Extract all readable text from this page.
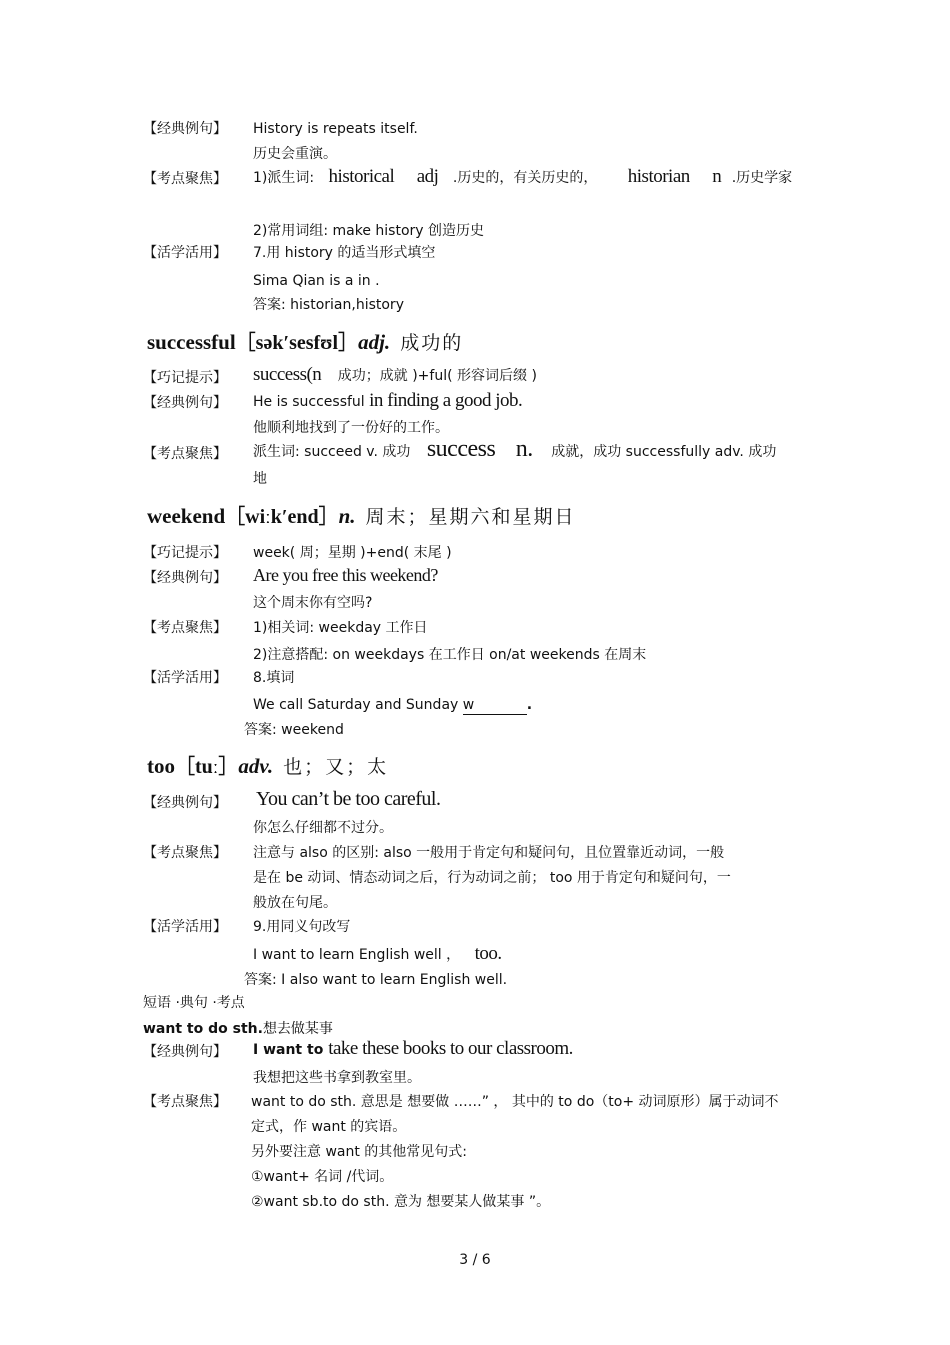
【经典例句】 History is repeats itself.
历史会重演。
【考点聚焦】 1)派生词: historical adj .历史的，有关历史的， historian n .历史学家
2)常用词组: make history 创造历史
【活学活用】 7.用 history 的适当形式填空
Sima Qian is a in .
答案: historian,history
successful［sək′sesfʊl］adj. 成功的
【巧记提示】 success(n 成功；成就 )+ful( 形容词后缀 )
【经典例句】 He is successful in finding a good job.
他顺利地找到了一份好的工作。
【考点聚焦】 派生词: succeed v. 成功 success n. 成就，成功 successfully adv. 成功
地
weekend［wiːk′end］n. 周末；星期六和星期日
【巧记提示】 week( 周；星期 )+end( 末尾 )
【经典例句】 Are you free this weekend?
这个周末你有空吗?
【考点聚焦】 1)相关词: weekday 工作日
2)注意搭配: on weekdays 在工作日 on/at weekends 在周末
【活学活用】 8.填词
We call Saturday and Sunday w	.
答案: weekend
too［tuː］adv. 也；又；太
【经典例句】 You can’t be too careful.
你怎么仔细都不过分。
【考点聚焦】 注意与 also 的区别: also 一般用于肯定句和疑问句，且位置靠近动词，一般
是在 be 动词、情态动词之后，行为动词之前； too 用于肯定句和疑问句，一
般放在句尾。
【活学活用】 9.用同义句改写
I want to learn English well ， too.
答案: I also want to learn English well.
短语 ·典句 ·考点
want to do sth.想去做某事
【经典例句】 I want to take these books to our classroom.
我想把这些书拿到教室里。
【考点聚焦】 want to do sth. 意思是 想要做 ……” ， 其中的 to do（to+ 动词原形）属于动词不
定式，作 want 的宾语。
另外要注意 want 的其他常见句式:
①want+ 名词 /代词。
②want sb.to do sth. 意为 想要某人做某事 ”。
3 / 6
